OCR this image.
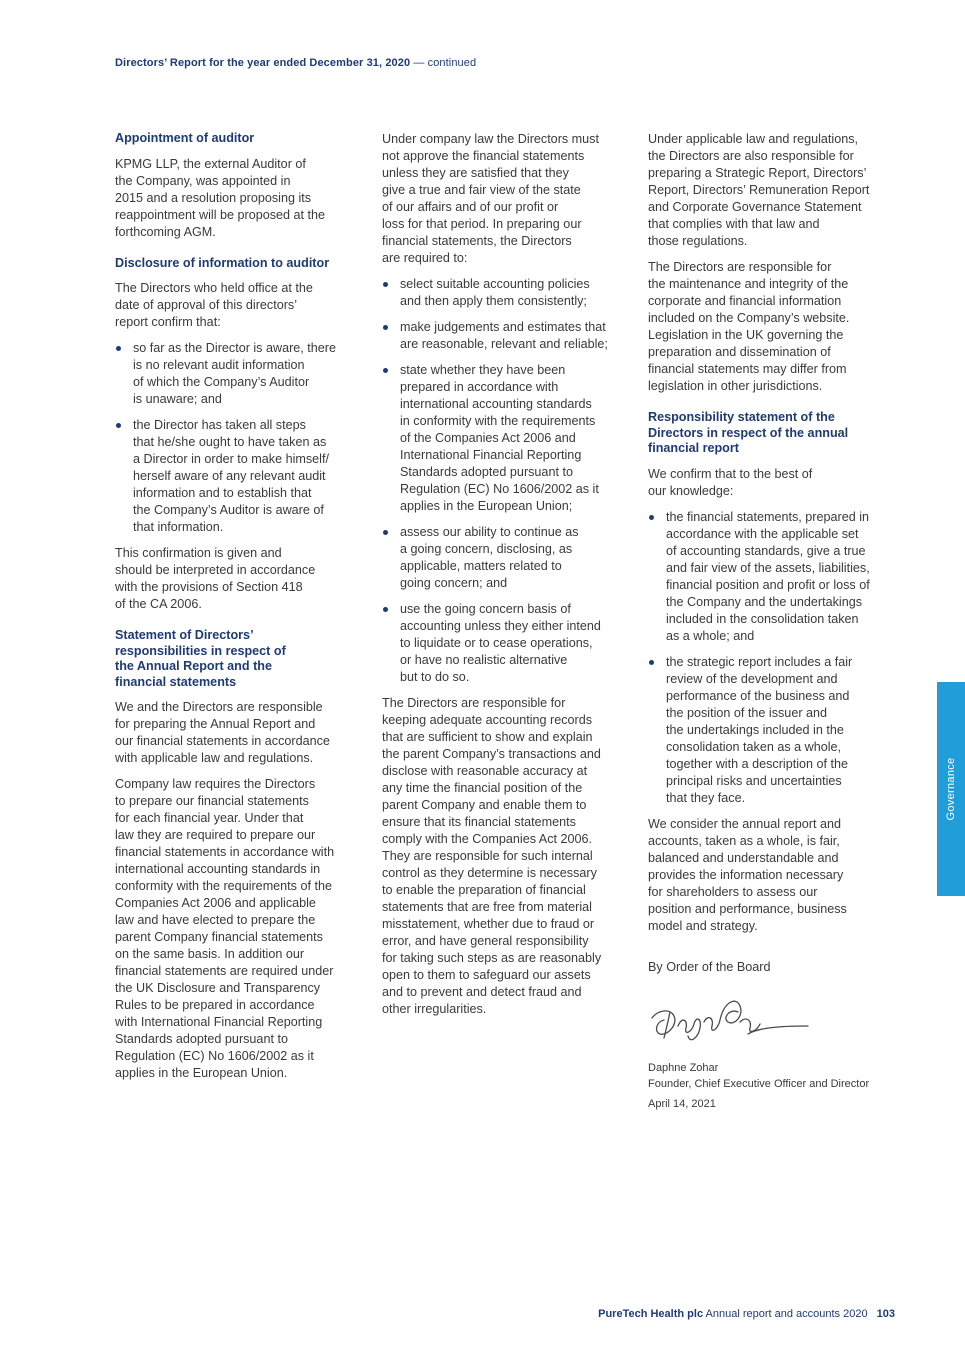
Directors’ Report for the year ended December 31, 2020 — continued
Appointment of auditor

KPMG LLP, the external Auditor of
the Company, was appointed in
2015 and a resolution proposing its
reappointment will be proposed at the
forthcoming AGM.

Disclosure of information to auditor

The Directors who held office at the
date of approval of this directors’
report confirm that:

so far as the Director is aware, there
is no relevant audit information
of which the Company’s Auditor
is unaware; and
the Director has taken all steps
that he/she ought to have taken as
a Director in order to make himself/
herself aware of any relevant audit
information and to establish that
the Company’s Auditor is aware of
that information.

This confirmation is given and
should be interpreted in accordance
with the provisions of Section 418
of the CA 2006.

Statement of Directors’
responsibilities in respect of
the Annual Report and the
financial statements

We and the Directors are responsible
for preparing the Annual Report and
our financial statements in accordance
with applicable law and regulations.

Company law requires the Directors
to prepare our financial statements
for each financial year. Under that
law they are required to prepare our
financial statements in accordance with
international accounting standards in
conformity with the requirements of the
Companies Act 2006 and applicable
law and have elected to prepare the
parent Company financial statements
on the same basis. In addition our
financial statements are required under
the UK Disclosure and Transparency
Rules to be prepared in accordance
with International Financial Reporting
Standards adopted pursuant to
Regulation (EC) No 1606/2002 as it
applies in the European Union.

Under company law the Directors must
not approve the financial statements
unless they are satisfied that they
give a true and fair view of the state
of our affairs and of our profit or
loss for that period. In preparing our
financial statements, the Directors
are required to:

select suitable accounting policies
and then apply them consistently;
make judgements and estimates that
are reasonable, relevant and reliable;
state whether they have been
prepared in accordance with
international accounting standards
in conformity with the requirements
of the Companies Act 2006 and
International Financial Reporting
Standards adopted pursuant to
Regulation (EC) No 1606/2002 as it
applies in the European Union;
assess our ability to continue as
a going concern, disclosing, as
applicable, matters related to
going concern; and
use the going concern basis of
accounting unless they either intend
to liquidate or to cease operations,
or have no realistic alternative
but to do so.

The Directors are responsible for
keeping adequate accounting records
that are sufficient to show and explain
the parent Company’s transactions and
disclose with reasonable accuracy at
any time the financial position of the
parent Company and enable them to
ensure that its financial statements
comply with the Companies Act 2006.
They are responsible for such internal
control as they determine is necessary
to enable the preparation of financial
statements that are free from material
misstatement, whether due to fraud or
error, and have general responsibility
for taking such steps as are reasonably
open to them to safeguard our assets
and to prevent and detect fraud and
other irregularities.

Under applicable law and regulations,
the Directors are also responsible for
preparing a Strategic Report, Directors’
Report, Directors’ Remuneration Report
and Corporate Governance Statement
that complies with that law and
those regulations.

The Directors are responsible for
the maintenance and integrity of the
corporate and financial information
included on the Company’s website.
Legislation in the UK governing the
preparation and dissemination of
financial statements may differ from
legislation in other jurisdictions.

Responsibility statement of the
Directors in respect of the annual
financial report

We confirm that to the best of
our knowledge:

the financial statements, prepared in
accordance with the applicable set
of accounting standards, give a true
and fair view of the assets, liabilities,
financial position and profit or loss of
the Company and the undertakings
included in the consolidation taken
as a whole; and
the strategic report includes a fair
review of the development and
performance of the business and
the position of the issuer and
the undertakings included in the
consolidation taken as a whole,
together with a description of the
principal risks and uncertainties
that they face.

We consider the annual report and
accounts, taken as a whole, is fair,
balanced and understandable and
provides the information necessary
for shareholders to assess our
position and performance, business
model and strategy.

By Order of the Board

Daphne Zohar
Founder, Chief Executive Officer and Director
April 14, 2021
Governance
PureTech Health plc Annual report and accounts 2020 103
